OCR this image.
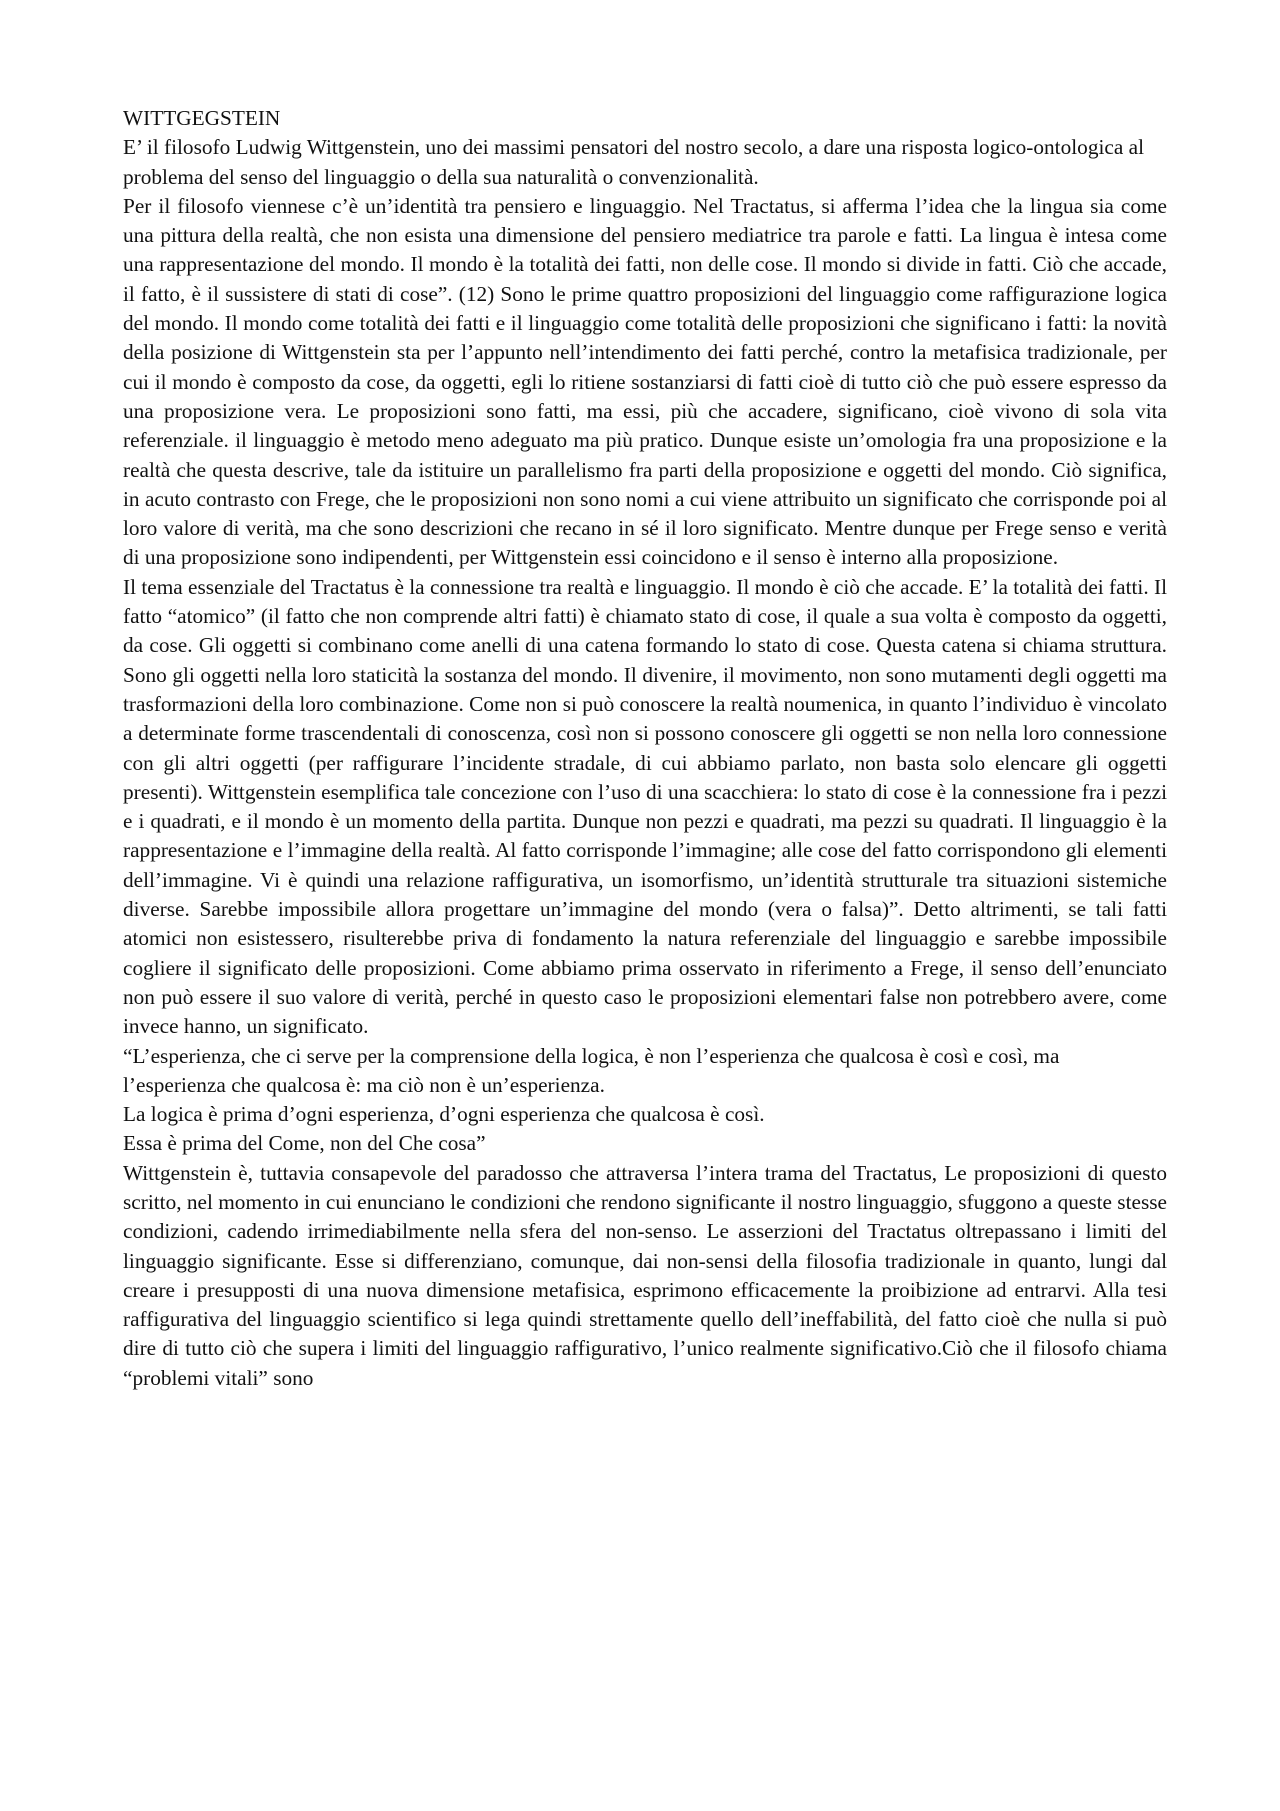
WITTGEGSTEIN

E’ il filosofo Ludwig Wittgenstein, uno dei massimi pensatori del nostro secolo, a dare una risposta logico-ontologica al problema del senso del linguaggio o della sua naturalità o convenzionalità.

Per il filosofo viennese c’è un’identità tra pensiero e linguaggio. Nel Tractatus, si afferma l’idea che la lingua sia come una pittura della realtà, che non esista una dimensione del pensiero mediatrice tra parole e fatti. La lingua è intesa come una rappresentazione del mondo. Il mondo è la totalità dei fatti, non delle cose. Il mondo si divide in fatti. Ciò che accade, il fatto, è il sussistere di stati di cose”. (12) Sono le prime quattro proposizioni del linguaggio come raffigurazione logica del mondo. Il mondo come totalità dei fatti e il linguaggio come totalità delle proposizioni che significano i fatti: la novità della posizione di Wittgenstein sta per l’appunto nell’intendimento dei fatti perché, contro la metafisica tradizionale, per cui il mondo è composto da cose, da oggetti, egli lo ritiene sostanziarsi di fatti cioè di tutto ciò che può essere espresso da una proposizione vera. Le proposizioni sono fatti, ma essi, più che accadere, significano, cioè vivono di sola vita referenziale. il linguaggio è metodo meno adeguato ma più pratico. Dunque esiste un’omologia fra una proposizione e la realtà che questa descrive, tale da istituire un parallelismo fra parti della proposizione e oggetti del mondo. Ciò significa, in acuto contrasto con Frege, che le proposizioni non sono nomi a cui viene attribuito un significato che corrisponde poi al loro valore di verità, ma che sono descrizioni che recano in sé il loro significato. Mentre dunque per Frege senso e verità di una proposizione sono indipendenti, per Wittgenstein essi coincidono e il senso è interno alla proposizione.

Il tema essenziale del Tractatus è la connessione tra realtà e linguaggio. Il mondo è ciò che accade. E’ la totalità dei fatti. Il fatto “atomico” (il fatto che non comprende altri fatti) è chiamato stato di cose, il quale a sua volta è composto da oggetti, da cose. Gli oggetti si combinano come anelli di una catena formando lo stato di cose. Questa catena si chiama struttura. Sono gli oggetti nella loro staticità la sostanza del mondo. Il divenire, il movimento, non sono mutamenti degli oggetti ma trasformazioni della loro combinazione. Come non si può conoscere la realtà noumenica, in quanto l’individuo è vincolato a determinate forme trascendentali di conoscenza, così non si possono conoscere gli oggetti se non nella loro connessione con gli altri oggetti (per raffigurare l’incidente stradale, di cui abbiamo parlato, non basta solo elencare gli oggetti presenti). Wittgenstein esemplifica tale concezione con l’uso di una scacchiera: lo stato di cose è la connessione fra i pezzi e i quadrati, e il mondo è un momento della partita. Dunque non pezzi e quadrati, ma pezzi su quadrati. Il linguaggio è la rappresentazione e l’immagine della realtà. Al fatto corrisponde l’immagine; alle cose del fatto corrispondono gli elementi dell’immagine. Vi è quindi una relazione raffigurativa, un isomorfismo, un’identità strutturale tra situazioni sistemiche diverse. Sarebbe impossibile allora progettare un’immagine del mondo (vera o falsa)”. Detto altrimenti, se tali fatti atomici non esistessero, risulterebbe priva di fondamento la natura referenziale del linguaggio e sarebbe impossibile cogliere il significato delle proposizioni. Come abbiamo prima osservato in riferimento a Frege, il senso dell’enunciato non può essere il suo valore di verità, perché in questo caso le proposizioni elementari false non potrebbero avere, come invece hanno, un significato.

“L’esperienza, che ci serve per la comprensione della logica, è non l’esperienza che qualcosa è così e così, ma l’esperienza che qualcosa è: ma ciò non è un’esperienza.

La logica è prima d’ogni esperienza, d’ogni esperienza che qualcosa è così.

Essa è prima del Come, non del Che cosa”

Wittgenstein è, tuttavia consapevole del paradosso che attraversa l’intera trama del Tractatus, Le proposizioni di questo scritto, nel momento in cui enunciano le condizioni che rendono significante il nostro linguaggio, sfuggono a queste stesse condizioni, cadendo irrimediabilmente nella sfera del non-senso. Le asserzioni del Tractatus oltrepassano i limiti del linguaggio significante. Esse si differenziano, comunque, dai non-sensi della filosofia tradizionale in quanto, lungi dal creare i presupposti di una nuova dimensione metafisica, esprimono efficacemente la proibizione ad entrarvi. Alla tesi raffigurativa del linguaggio scientifico si lega quindi strettamente quello dell’ineffabilità, del fatto cioè che nulla si può dire di tutto ciò che supera i limiti del linguaggio raffigurativo, l’unico realmente significativo.Ciò che il filosofo chiama “problemi vitali” sono
